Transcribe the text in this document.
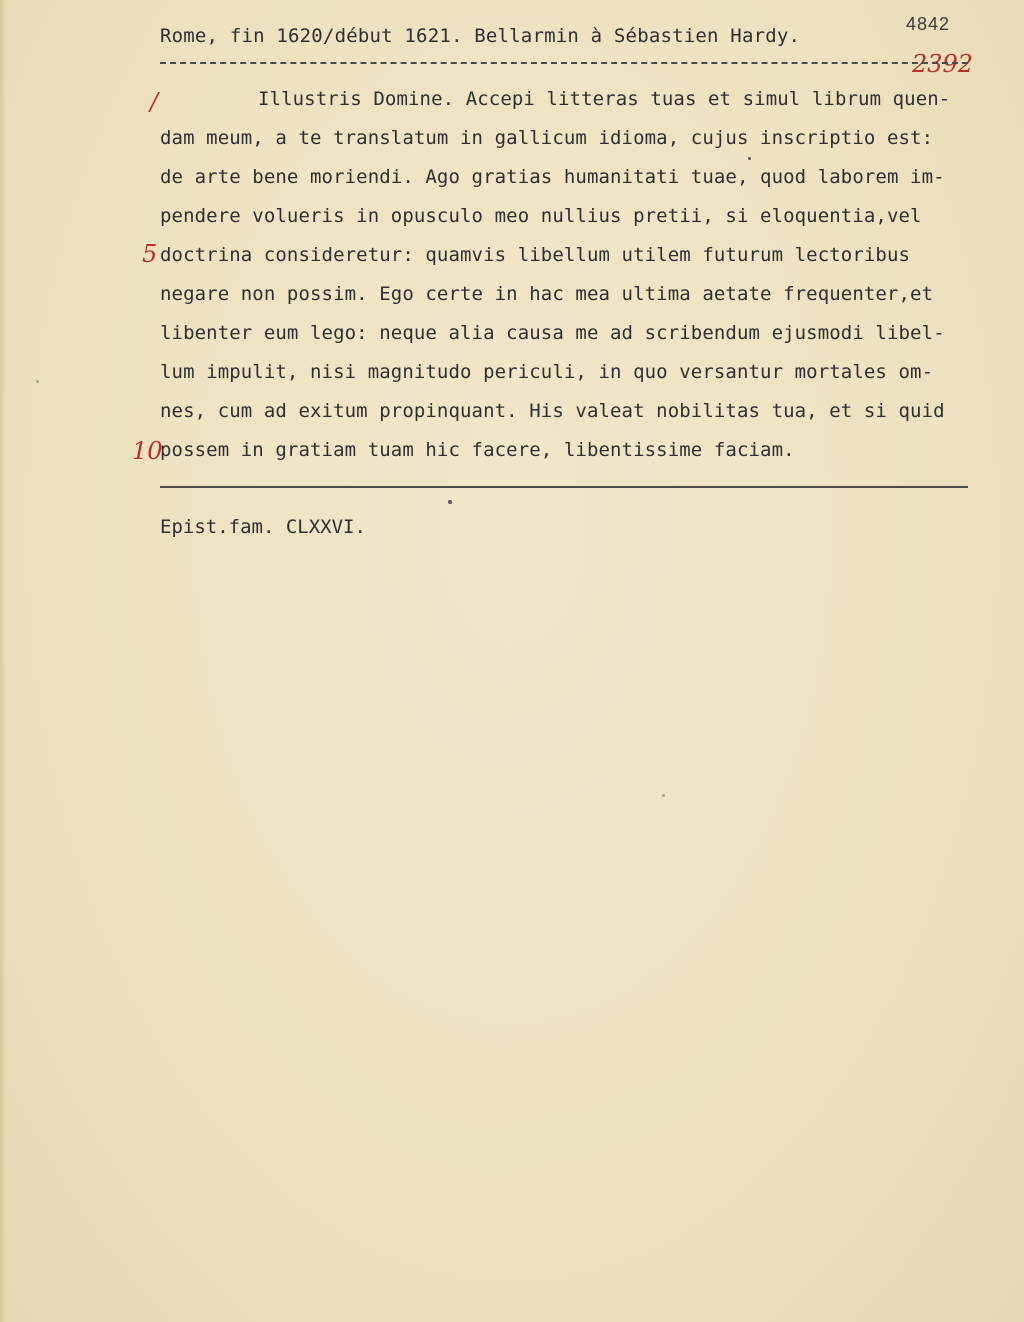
Rome, fin 1620/début 1621. Bellarmin à Sébastien Hardy.
4842
2392
/
5
10
Illustris Domine. Accepi litteras tuas et simul librum quen-
dam meum, a te translatum in gallicum idioma, cujus inscriptio est:
de arte bene moriendi. Ago gratias humanitati tuae, quod laborem im-
pendere volueris in opusculo meo nullius pretii, si eloquentia,vel
doctrina consideretur: quamvis libellum utilem futurum lectoribus
negare non possim. Ego certe in hac mea ultima aetate frequenter,et
libenter eum lego: neque alia causa me ad scribendum ejusmodi libel-
lum impulit, nisi magnitudo periculi, in quo versantur mortales om-
nes, cum ad exitum propinquant. His valeat nobilitas tua, et si quid
possem in gratiam tuam hic facere, libentissime faciam.
Epist.fam. CLXXVI.
